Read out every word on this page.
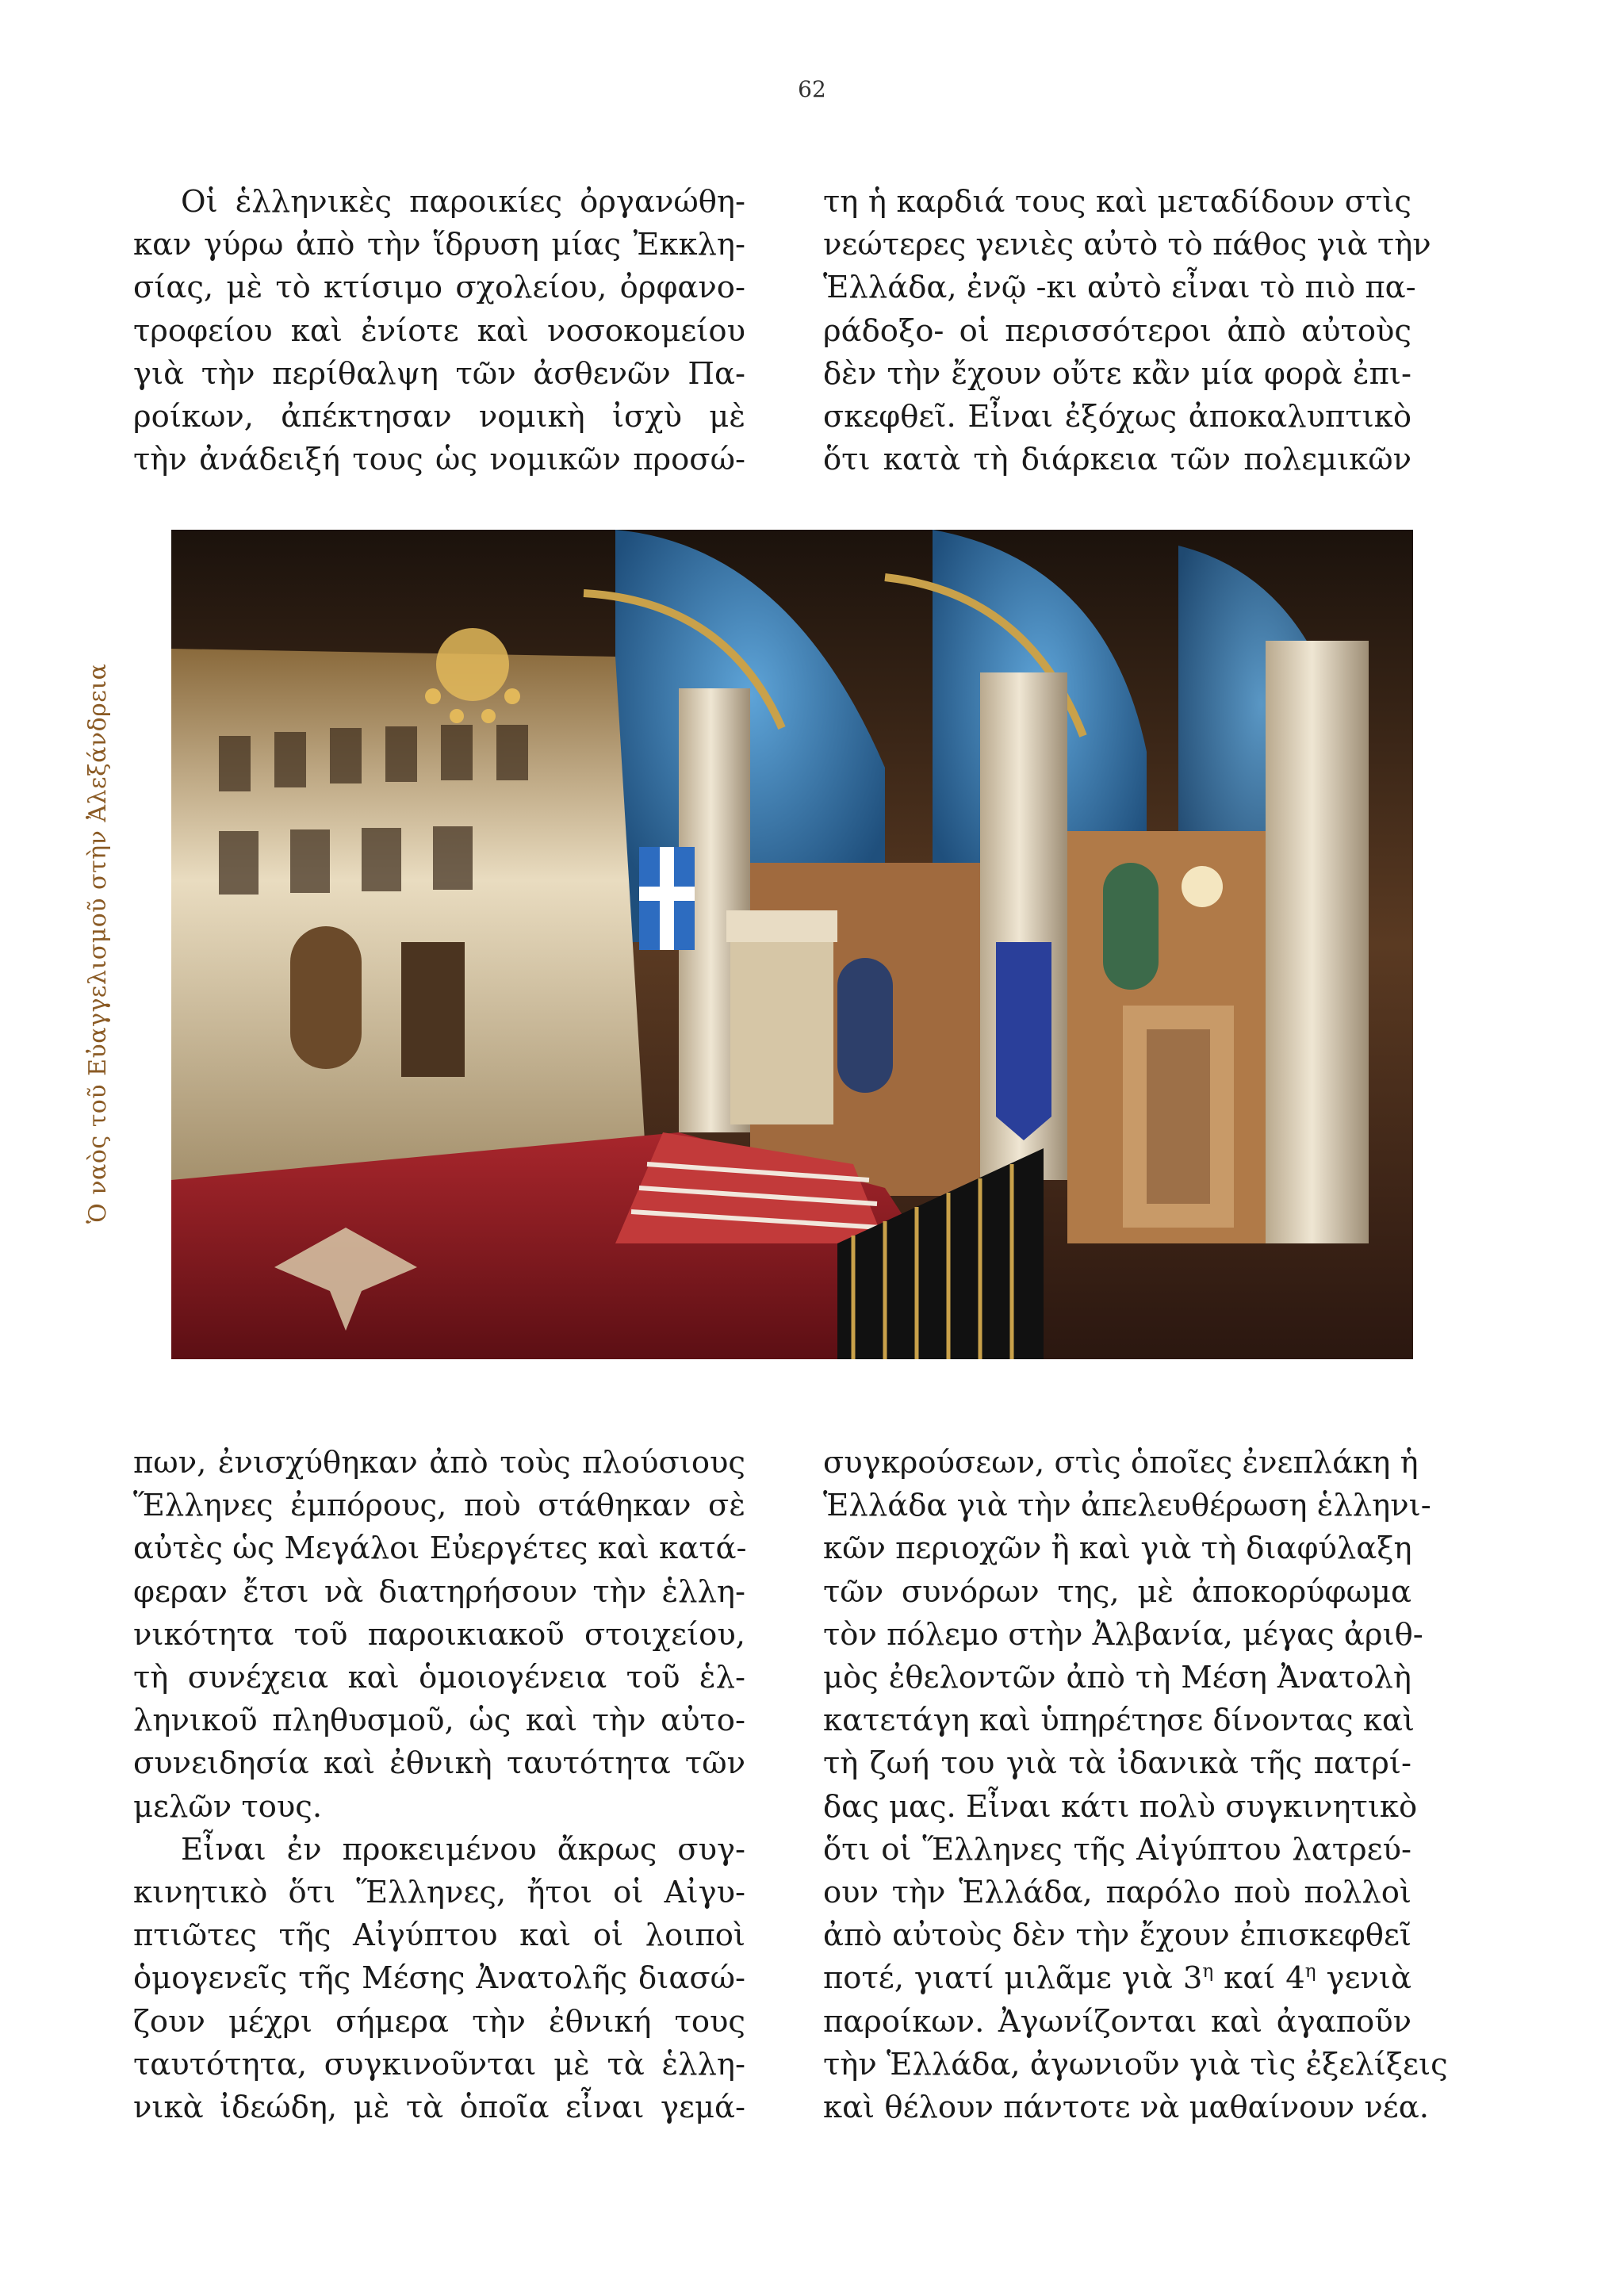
62

Οἱ ἑλληνικὲς παροικίες ὀργανώθη-
καν γύρω ἀπὸ τὴν ἵδρυση μίας Ἐκκλη-
σίας, μὲ τὸ κτίσιμο σχολείου, ὀρφανο-
τροφείου καὶ ἐνίοτε καὶ νοσοκομείου
γιὰ τὴν περίθαλψη τῶν ἀσθενῶν Πα-
ροίκων, ἀπέκτησαν νομικὴ ἰσχὺ μὲ
τὴν ἀνάδειξή τους ὡς νομικῶν προσώ-

τη ἡ καρδιά τους καὶ μεταδίδουν στὶς
νεώτερες γενιὲς αὐτὸ τὸ πάθος γιὰ τὴν
Ἑλλάδα, ἐνῷ -κι αὐτὸ εἶναι τὸ πιὸ πα-
ράδοξο- οἱ περισσότεροι ἀπὸ αὐτοὺς
δὲν τὴν ἔχουν οὔτε κἂν μία φορὰ ἐπι-
σκεφθεῖ. Εἶναι ἐξόχως ἀποκαλυπτικὸ
ὅτι κατὰ τὴ διάρκεια τῶν πολεμικῶν

Ὁ ναὸς τοῦ Εὐαγγελισμοῦ στὴν Ἀλεξάνδρεια

πων, ἐνισχύθηκαν ἀπὸ τοὺς πλούσιους
Ἕλληνες ἐμπόρους, ποὺ στάθηκαν σὲ
αὐτὲς ὡς Μεγάλοι Εὐεργέτες καὶ κατά-
φεραν ἔτσι νὰ διατηρήσουν τὴν ἑλλη-
νικότητα τοῦ παροικιακοῦ στοιχείου,
τὴ συνέχεια καὶ ὁμοιογένεια τοῦ ἑλ-
ληνικοῦ πληθυσμοῦ, ὡς καὶ τὴν αὐτο-
συνειδησία καὶ ἐθνικὴ ταυτότητα τῶν
μελῶν τους.

Εἶναι ἐν προκειμένου ἄκρως συγ-
κινητικὸ ὅτι Ἕλληνες, ἤτοι οἱ Αἰγυ-
πτιῶτες τῆς Αἰγύπτου καὶ οἱ λοιποὶ
ὁμογενεῖς τῆς Μέσης Ἀνατολῆς διασώ-
ζουν μέχρι σήμερα τὴν ἐθνική τους
ταυτότητα, συγκινοῦνται μὲ τὰ ἑλλη-
νικὰ ἰδεώδη, μὲ τὰ ὁποῖα εἶναι γεμά-

συγκρούσεων, στὶς ὁποῖες ἐνεπλάκη ἡ
Ἑλλάδα γιὰ τὴν ἀπελευθέρωση ἑλληνι-
κῶν περιοχῶν ἢ καὶ γιὰ τὴ διαφύλαξη
τῶν συνόρων της, μὲ ἀποκορύφωμα
τὸν πόλεμο στὴν Ἀλβανία, μέγας ἀριθ-
μὸς ἐθελοντῶν ἀπὸ τὴ Μέση Ἀνατολὴ
κατετάγη καὶ ὑπηρέτησε δίνοντας καὶ
τὴ ζωή του γιὰ τὰ ἰδανικὰ τῆς πατρί-
δας μας. Εἶναι κάτι πολὺ συγκινητικὸ
ὅτι οἱ Ἕλληνες τῆς Αἰγύπτου λατρεύ-
ουν τὴν Ἑλλάδα, παρόλο ποὺ πολλοὶ
ἀπὸ αὐτοὺς δὲν τὴν ἔχουν ἐπισκεφθεῖ
ποτέ, γιατί μιλᾶμε γιὰ $3^\eta$ καί $4^\eta$ γενιὰ
παροίκων. Ἀγωνίζονται καὶ ἀγαποῦν
τὴν Ἑλλάδα, ἀγωνιοῦν γιὰ τὶς ἐξελίξεις
καὶ θέλουν πάντοτε νὰ μαθαίνουν νέα.
